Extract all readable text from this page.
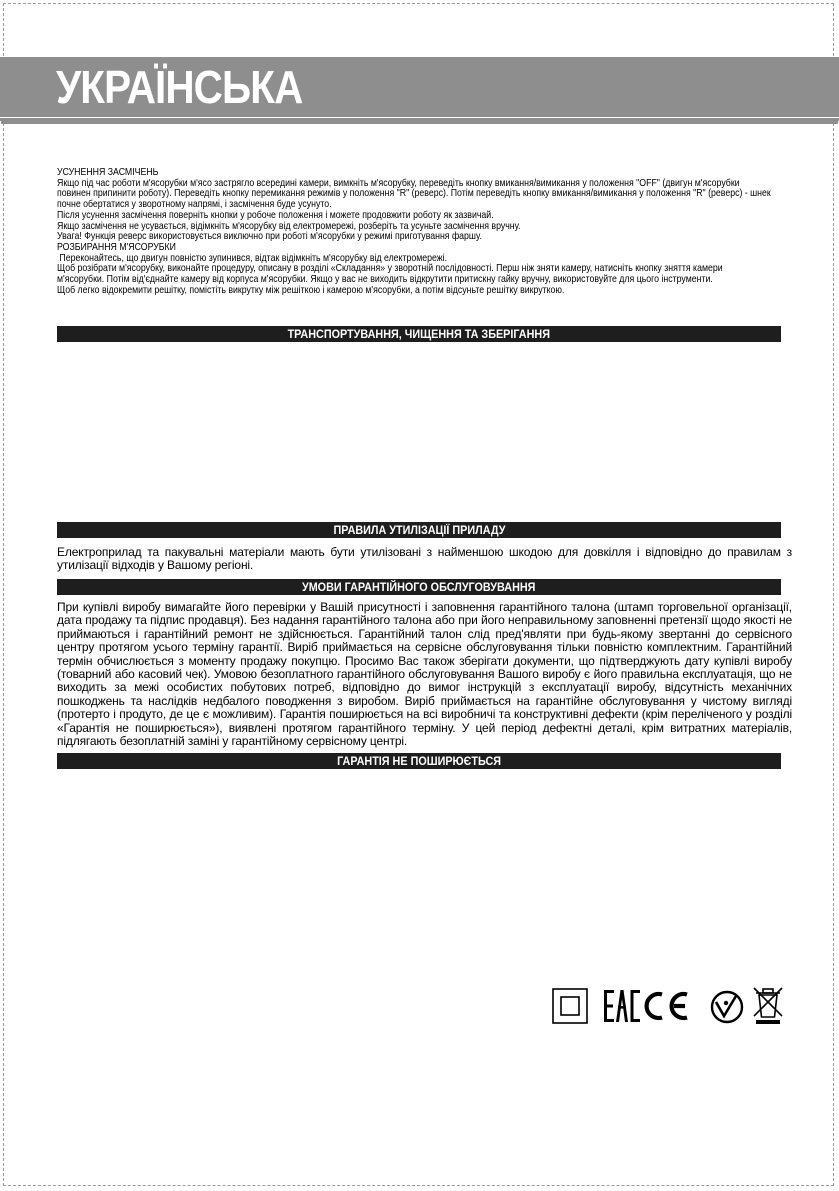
УКРАЇНСЬКА

УСУНЕННЯ ЗАСМІЧЕНЬ

Якщо під час роботи м'ясорубки м'ясо застрягло всередині камери, вимкніть м'ясорубку, переведіть кнопку вмикання/вимикання у положення "OFF" (двигун м'ясорубки повинен припинити роботу). Переведіть кнопку перемикання режимів у положення "R" (реверс). Потім переведіть кнопку вмикання/вимикання у положення "R" (реверс) - шнек почне обертатися у зворотному напрямі, і засмічення буде усунуто.

Після усунення засмічення поверніть кнопки у робоче положення і можете продовжити роботу як зазвичай.

Якщо засмічення не усувається, відімкніть м'ясорубку від електромережі, розберіть та усуньте засмічення вручну.

Увага! Функція реверс використовується виключно при роботі м'ясорубки у режимі приготування фаршу.

РОЗБИРАННЯ М'ЯСОРУБКИ

Переконайтесь, що двигун повністю зупинився, відтак відімкніть м'ясорубку від електромережі.

Щоб розібрати м'ясорубку, виконайте процедуру, описану в розділі «Складання» у зворотній послідовності. Перш ніж зняти камеру, натисніть кнопку зняття камери м'ясорубки. Потім від'єднайте камеру від корпуса м'ясорубки. Якщо у вас не виходить відкрутити притискну гайку вручну, використовуйте для цього інструменти.

Щоб легко відокремити решітку, помістіть викрутку між решіткою і камерою м'ясорубки, а потім відсуньте решітку викруткою.

ТРАНСПОРТУВАННЯ, ЧИЩЕННЯ ТА ЗБЕРІГАННЯ
ПРАВИЛА УТИЛІЗАЦІЇ ПРИЛАДУ

Електроприлад та пакувальні матеріали мають бути утилізовані з найменшою шкодою для довкілля і відповідно до правилам з утилізації відходів у Вашому регіоні.

УМОВИ ГАРАНТІЙНОГО ОБСЛУГОВУВАННЯ

При купівлі виробу вимагайте його перевірки у Вашій присутності і заповнення гарантійного талона (штамп торговельної організації, дата продажу та підпис продавця). Без надання гарантійного талона або при його неправильному заповненні претензії щодо якості не приймаються і гарантійний ремонт не здійснюється. Гарантійний талон слід пред'являти при будь-якому звертанні до сервісного центру протягом усього терміну гарантії. Виріб приймається на сервісне обслуговування тільки повністю комплектним. Гарантійний термін обчислюється з моменту продажу покупцю. Просимо Вас також зберігати документи, що підтверджують дату купівлі виробу (товарний або касовий чек). Умовою безоплатного гарантійного обслуговування Вашого виробу є його правильна експлуатація, що не виходить за межі особистих побутових потреб, відповідно до вимог інструкцій з експлуатації виробу, відсутність механічних пошкоджень та наслідків недбалого поводження з виробом. Виріб приймається на гарантійне обслуговування у чистому вигляді (протерто і продуто, де це є можливим). Гарантія поширюється на всі виробничі та конструктивні дефекти (крім переліченого у розділі «Гарантія не поширюється»), виявлені протягом гарантійного терміну. У цей період дефектні деталі, крім витратних матеріалів, підлягають безоплатній заміні у гарантійному сервісному центрі.

ГАРАНТІЯ НЕ ПОШИРЮЄТЬСЯ
